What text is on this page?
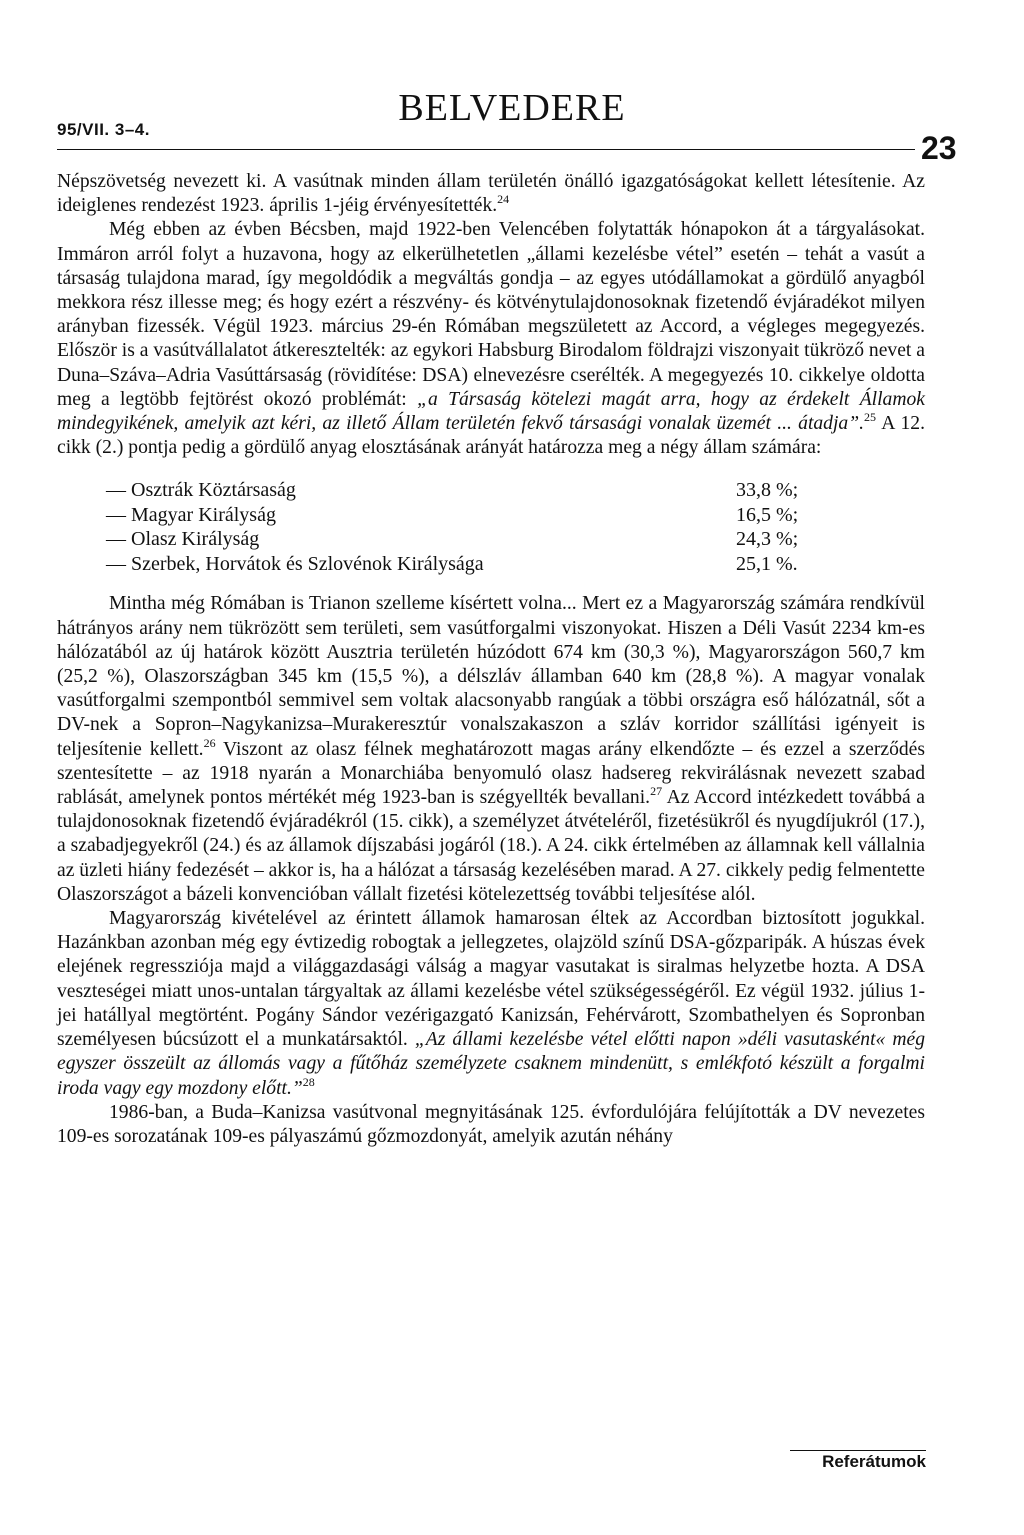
95/VII. 3–4.
BELVEDERE
23

Népszövetség nevezett ki. A vasútnak minden állam területén önálló igazgatóságokat kellett létesítenie. Az ideiglenes rendezést 1923. április 1-jéig érvényesítették.$^{24}$

Még ebben az évben Bécsben, majd 1922-ben Velencében folytatták hónapokon át a tárgyalásokat. Immáron arról folyt a huzavona, hogy az elkerülhetetlen „állami kezelésbe vétel” esetén – tehát a vasút a társaság tulajdona marad, így megoldódik a megváltás gondja – az egyes utódállamokat a gördülő anyagból mekkora rész illesse meg; és hogy ezért a részvény- és kötvénytulajdonosoknak fizetendő évjáradékot milyen arányban fizessék. Végül 1923. március 29-én Rómában megszületett az Accord, a végleges megegyezés. Először is a vasútvállalatot átkeresztelték: az egykori Habsburg Birodalom földrajzi viszonyait tükröző nevet a Duna–Száva–Adria Vasúttársaság (rövidítése: DSA) elnevezésre cserélték. A megegyezés 10. cikkelye oldotta meg a legtöbb fejtörést okozó problémát: „a Társaság kötelezi magát arra, hogy az érdekelt Államok mindegyikének, amelyik azt kéri, az illető Állam területén fekvő társasági vonalak üzemét ... átadja”.$^{25}$ A 12. cikk (2.) pontja pedig a gördülő anyag elosztásának arányát határozza meg a négy állam számára:

— Osztrák Köztársaság	33,8 %;
— Magyar Királyság	16,5 %;
— Olasz Királyság	24,3 %;
— Szerbek, Horvátok és Szlovénok Királysága	25,1 %.

Mintha még Rómában is Trianon szelleme kísértett volna... Mert ez a Magyarország számára rendkívül hátrányos arány nem tükrözött sem területi, sem vasútforgalmi viszonyokat. Hiszen a Déli Vasút 2234 km-es hálózatából az új határok között Ausztria területén húzódott 674 km (30,3 %), Magyarországon 560,7 km (25,2 %), Olaszországban 345 km (15,5 %), a délszláv államban 640 km (28,8 %). A magyar vonalak vasútforgalmi szempontból semmivel sem voltak alacsonyabb rangúak a többi országra eső hálózatnál, sőt a DV-nek a Sopron–Nagykanizsa–Murakeresztúr vonalszakaszon a szláv korridor szállítási igényeit is teljesítenie kellett.$^{26}$ Viszont az olasz félnek meghatározott magas arány elkendőzte – és ezzel a szerződés szentesítette – az 1918 nyarán a Monarchiába benyomuló olasz hadsereg rekvirálásnak nevezett szabad rablását, amelynek pontos mértékét még 1923-ban is szégyellték bevallani.$^{27}$ Az Accord intézkedett továbbá a tulajdonosoknak fizetendő évjáradékról (15. cikk), a személyzet átvételéről, fizetésükről és nyugdíjukról (17.), a szabadjegyekről (24.) és az államok díjszabási jogáról (18.). A 24. cikk értelmében az államnak kell vállalnia az üzleti hiány fedezését – akkor is, ha a hálózat a társaság kezelésében marad. A 27. cikkely pedig felmentette Olaszországot a bázeli konvencióban vállalt fizetési kötelezettség további teljesítése alól.

Magyarország kivételével az érintett államok hamarosan éltek az Accordban biztosított jogukkal. Hazánkban azonban még egy évtizedig robogtak a jellegzetes, olajzöld színű DSA-gőzparipák. A húszas évek elejének regressziója majd a világgazdasági válság a magyar vasutakat is siralmas helyzetbe hozta. A DSA veszteségei miatt unos-untalan tárgyaltak az állami kezelésbe vétel szükségességéről. Ez végül 1932. július 1-jei hatállyal megtörtént. Pogány Sándor vezérigazgató Kanizsán, Fehérvárott, Szombathelyen és Sopronban személyesen búcsúzott el a munkatársaktól. „Az állami kezelésbe vétel előtti napon »déli vasutasként« még egyszer összeült az állomás vagy a fűtőház személyzete csaknem mindenütt, s emlékfotó készült a forgalmi iroda vagy egy mozdony előtt.”$^{28}$

1986-ban, a Buda–Kanizsa vasútvonal megnyitásának 125. évfordulójára felújították a DV nevezetes 109-es sorozatának 109-es pályaszámú gőzmozdonyát, amelyik azután néhány

Referátumok
